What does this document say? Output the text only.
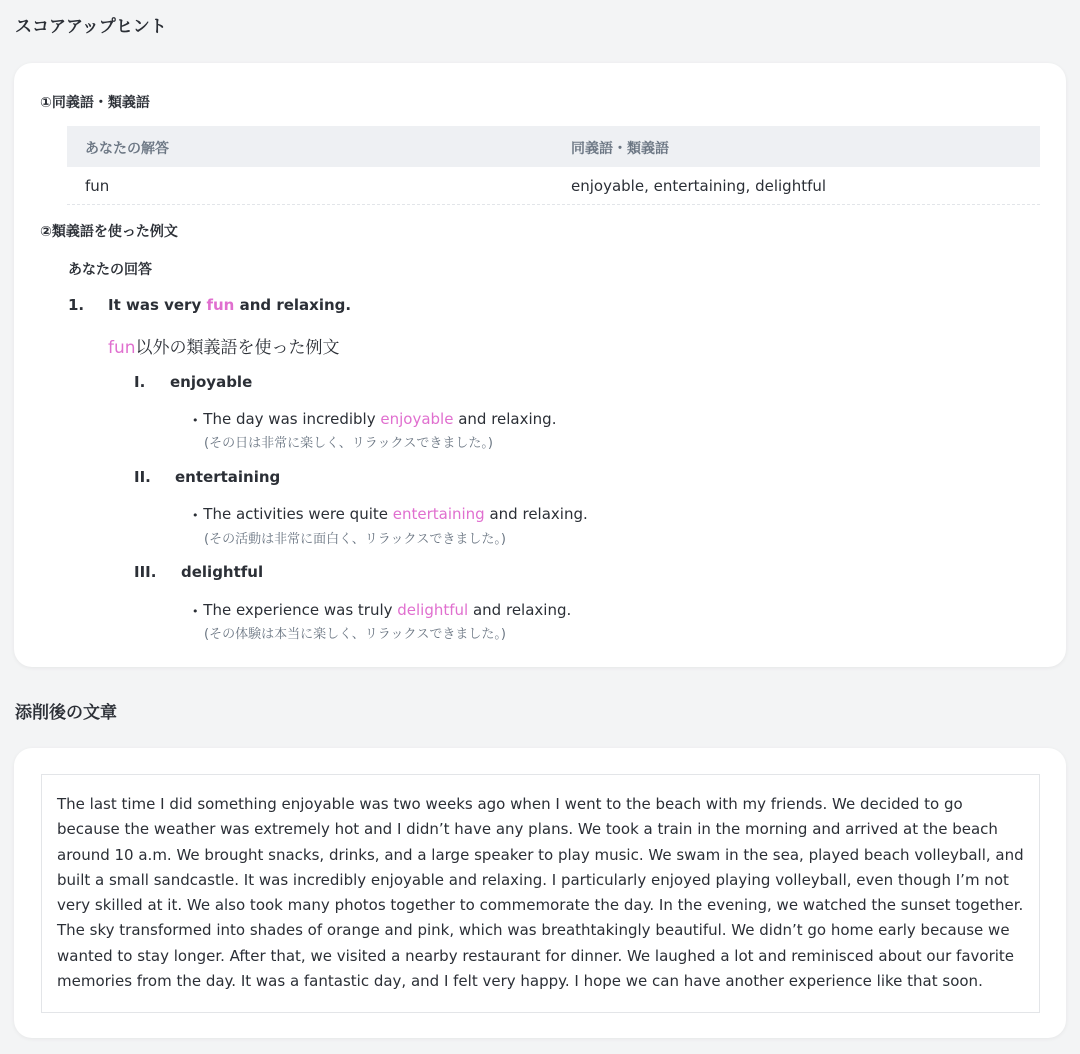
スコアアップヒント
①同義語・類義語
あなたの解答	同義語・類義語
fun	enjoyable, entertaining, delightful
②類義語を使った例文
あなたの回答
1. It was very fun and relaxing.
fun以外の類義語を使った例文
I. enjoyable
• The day was incredibly enjoyable and relaxing.
(その日は非常に楽しく、リラックスできました。)
II. entertaining
• The activities were quite entertaining and relaxing.
(その活動は非常に面白く、リラックスできました。)
III. delightful
• The experience was truly delightful and relaxing.
(その体験は本当に楽しく、リラックスできました。)
添削後の文章

The last time I did something enjoyable was two weeks ago when I went to the beach with my friends. We decided to go because the weather was extremely hot and I didn’t have any plans. We took a train in the morning and arrived at the beach around 10 a.m. We brought snacks, drinks, and a large speaker to play music. We swam in the sea, played beach volleyball, and built a small sandcastle. It was incredibly enjoyable and relaxing. I particularly enjoyed playing volleyball, even though I’m not very skilled at it. We also took many photos together to commemorate the day. In the evening, we watched the sunset together. The sky transformed into shades of orange and pink, which was breathtakingly beautiful. We didn’t go home early because we wanted to stay longer. After that, we visited a nearby restaurant for dinner. We laughed a lot and reminisced about our favorite memories from the day. It was a fantastic day, and I felt very happy. I hope we can have another experience like that soon.
